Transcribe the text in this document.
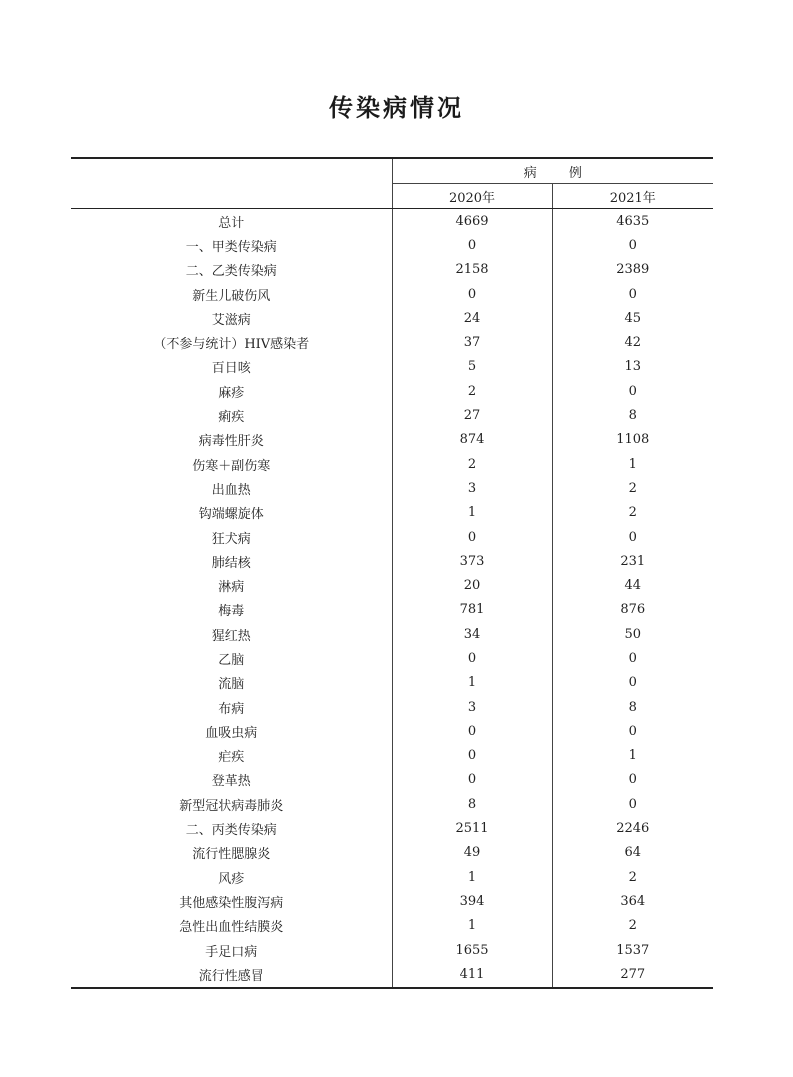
传染病情况
	病 例	
	2020年	2021年
总计	4669	4635
一、甲类传染病	0	0
二、乙类传染病	2158	2389
新生儿破伤风	0	0
艾滋病	24	45
（不参与统计）HIV感染者	37	42
百日咳	5	13
麻疹	2	0
痢疾	27	8
病毒性肝炎	874	1108
伤寒＋副伤寒	2	1
出血热	3	2
钩端螺旋体	1	2
狂犬病	0	0
肺结核	373	231
淋病	20	44
梅毒	781	876
猩红热	34	50
乙脑	0	0
流脑	1	0
布病	3	8
血吸虫病	0	0
疟疾	0	1
登革热	0	0
新型冠状病毒肺炎	8	0
二、丙类传染病	2511	2246
流行性腮腺炎	49	64
风疹	1	2
其他感染性腹泻病	394	364
急性出血性结膜炎	1	2
手足口病	1655	1537
流行性感冒	411	277
